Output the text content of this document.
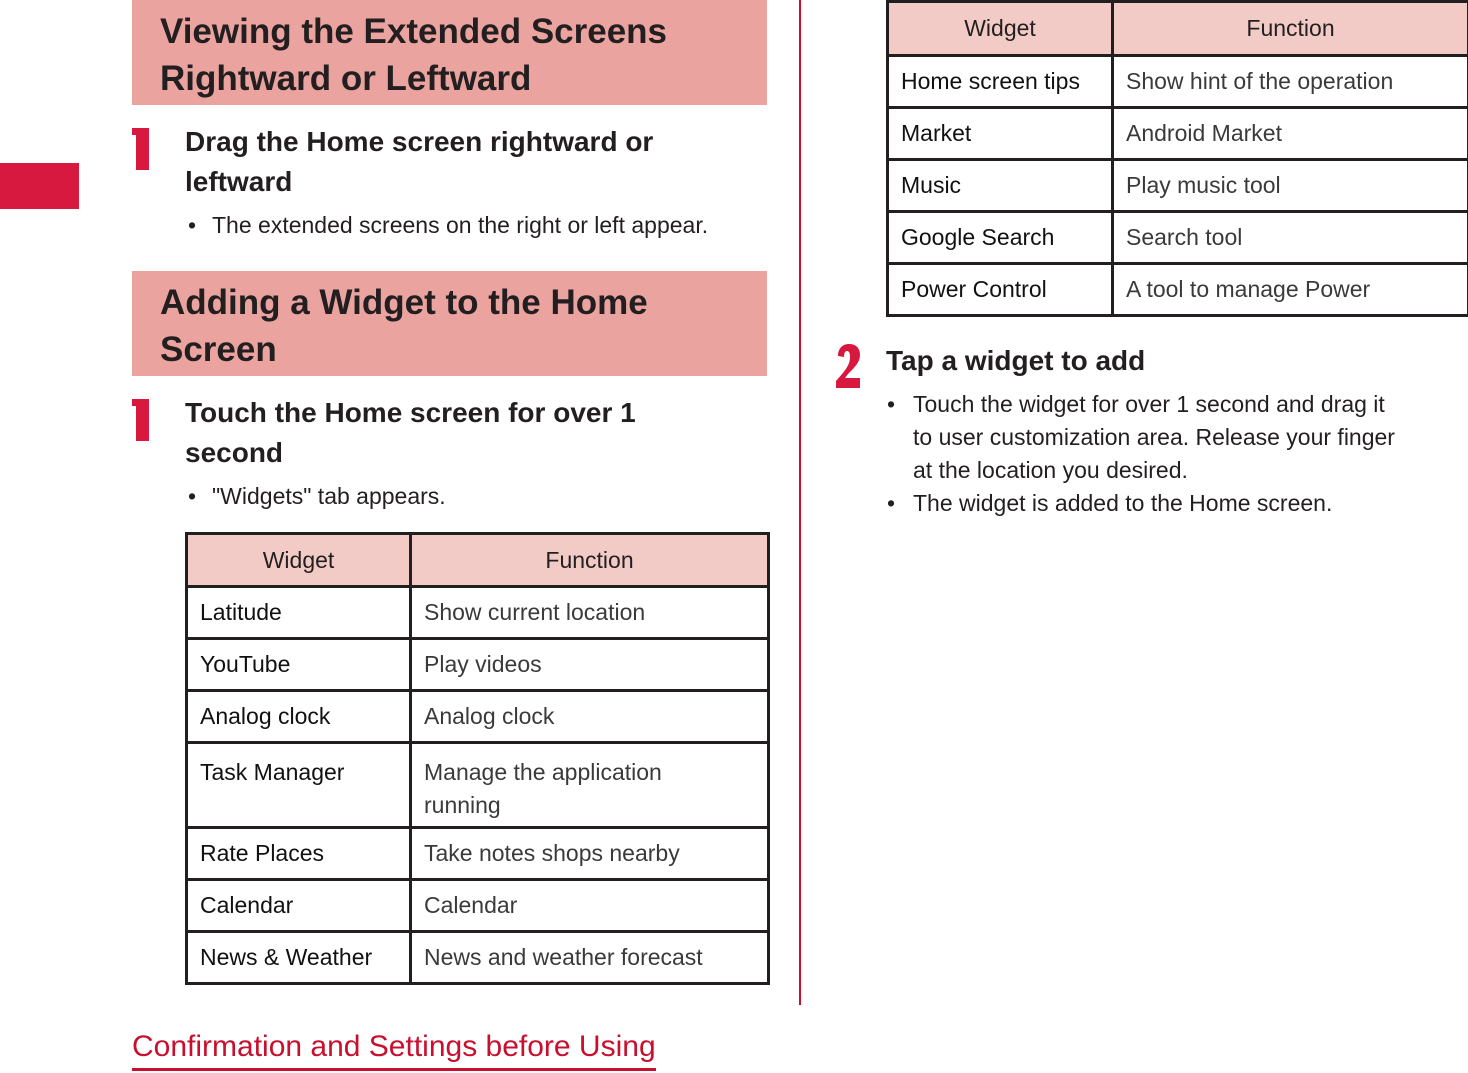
Viewing the Extended Screens
Rightward or Leftward
Drag the Home screen rightward or
leftward
• The extended screens on the right or left appear.
Adding a Widget to the Home
Screen
Touch the Home screen for over 1
second
• "Widgets" tab appears.
Widget	Function
Latitude	Show current location
YouTube	Play videos
Analog clock	Analog clock
Task Manager	Manage the application
running

Rate Places	Take notes shops nearby
Calendar	Calendar
News & Weather	News and weather forecast
Widget	Function
Home screen tips	Show hint of the operation
Market	Android Market
Music	Play music tool
Google Search	Search tool
Power Control	A tool to manage Power
Tap a widget to add
• Touch the widget for over 1 second and drag it
to user customization area. Release your finger
at the location you desired.
• The widget is added to the Home screen.
Confirmation and Settings before Using
